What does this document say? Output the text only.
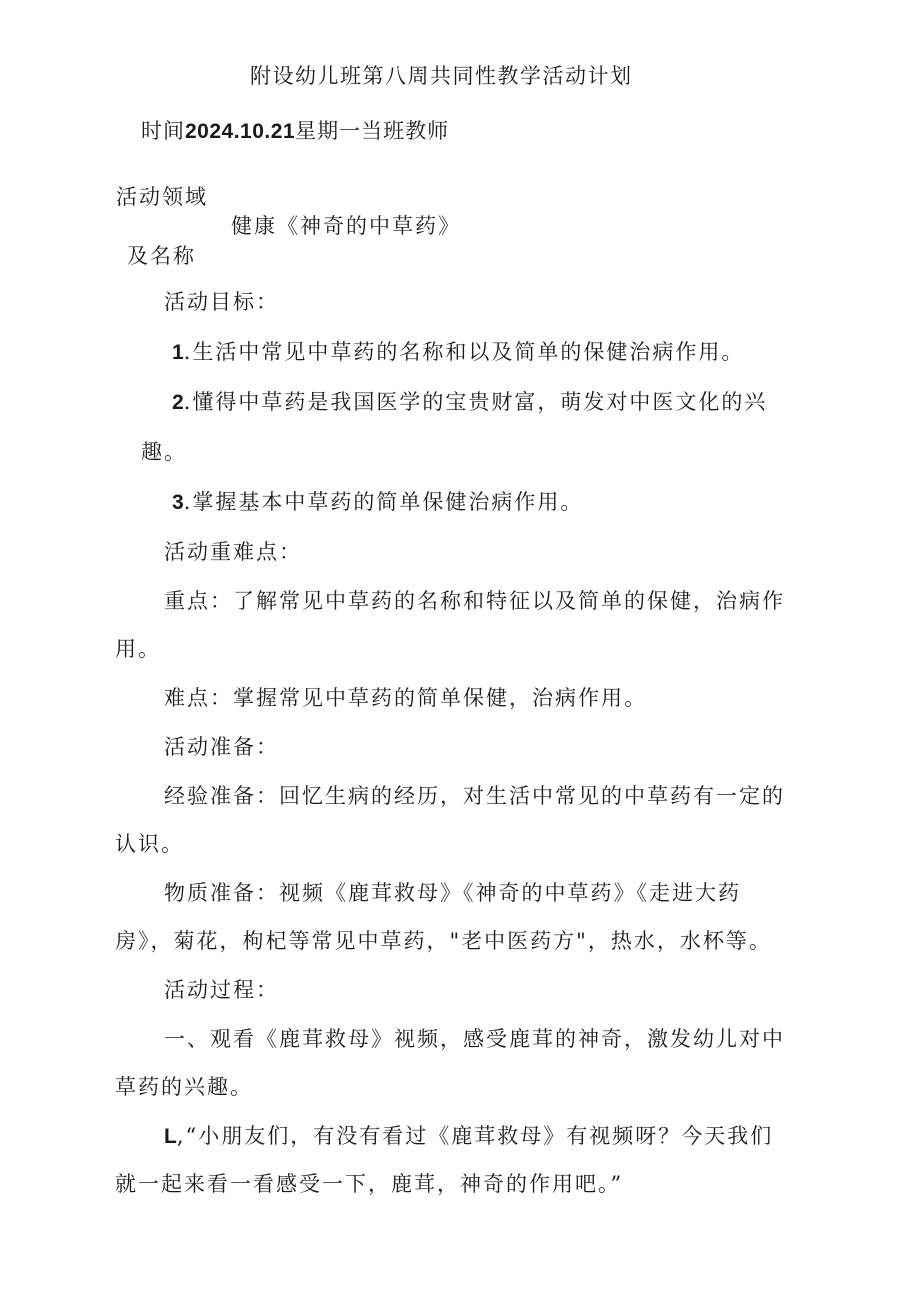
附设幼儿班第八周共同性教学活动计划
时间2024.10.21星期一当班教师
活动领域
健康《神奇的中草药》
及名称
活动目标：
1.生活中常见中草药的名称和以及简单的保健治病作用。
2.懂得中草药是我国医学的宝贵财富，萌发对中医文化的兴
趣。
3.掌握基本中草药的简单保健治病作用。
活动重难点：
重点：了解常见中草药的名称和特征以及简单的保健，治病作
用。
难点：掌握常见中草药的简单保健，治病作用。
活动准备：
经验准备：回忆生病的经历，对生活中常见的中草药有一定的
认识。
物质准备：视频《鹿茸救母》《神奇的中草药》《走进大药
房》，菊花，枸杞等常见中草药，"老中医药方"，热水，水杯等。
活动过程：
一、观看《鹿茸救母》视频，感受鹿茸的神奇，激发幼儿对中
草药的兴趣。
L,“小朋友们，有没有看过《鹿茸救母》有视频呀？今天我们
就一起来看一看感受一下，鹿茸，神奇的作用吧。”
